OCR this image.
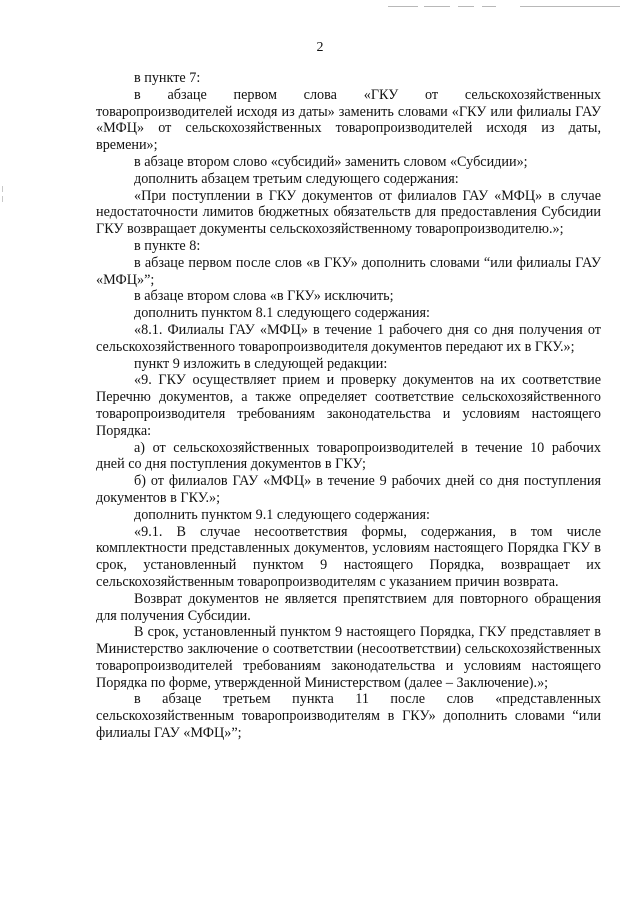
2

в пункте 7:

в абзаце первом слова «ГКУ от сельскохозяйственных товаропроизводителей исходя из даты» заменить словами «ГКУ или филиалы ГАУ «МФЦ» от сельскохозяйственных товаропроизводителей исходя из даты, времени»;

в абзаце втором слово «субсидий» заменить словом «Субсидии»;

дополнить абзацем третьим следующего содержания:

«При поступлении в ГКУ документов от филиалов ГАУ «МФЦ» в случае недостаточности лимитов бюджетных обязательств для предоставления Субсидии ГКУ возвращает документы сельскохозяйственному товаропроизводителю.»;

в пункте 8:

в абзаце первом после слов «в ГКУ» дополнить словами “или филиалы ГАУ «МФЦ»”;

в абзаце втором слова «в ГКУ» исключить;

дополнить пунктом 8.1 следующего содержания:

«8.1. Филиалы ГАУ «МФЦ» в течение 1 рабочего дня со дня получения от сельскохозяйственного товаропроизводителя документов передают их в ГКУ.»;

пункт 9 изложить в следующей редакции:

«9. ГКУ осуществляет прием и проверку документов на их соответствие Перечню документов, а также определяет соответствие сельскохозяйственного товаропроизводителя требованиям законодательства и условиям настоящего Порядка:

а) от сельскохозяйственных товаропроизводителей в течение 10 рабочих дней со дня поступления документов в ГКУ;

б) от филиалов ГАУ «МФЦ» в течение 9 рабочих дней со дня поступления документов в ГКУ.»;

дополнить пунктом 9.1 следующего содержания:

«9.1. В случае несоответствия формы, содержания, в том числе комплектности представленных документов, условиям настоящего Порядка ГКУ в срок, установленный пунктом 9 настоящего Порядка, возвращает их сельскохозяйственным товаропроизводителям с указанием причин возврата.

Возврат документов не является препятствием для повторного обращения для получения Субсидии.

В срок, установленный пунктом 9 настоящего Порядка, ГКУ представляет в Министерство заключение о соответствии (несоответствии) сельскохозяйственных товаропроизводителей требованиям законодательства и условиям настоящего Порядка по форме, утвержденной Министерством (далее – Заключение).»;

в абзаце третьем пункта 11 после слов «представленных сельскохозяйственным товаропроизводителям в ГКУ» дополнить словами “или филиалы ГАУ «МФЦ»”;
